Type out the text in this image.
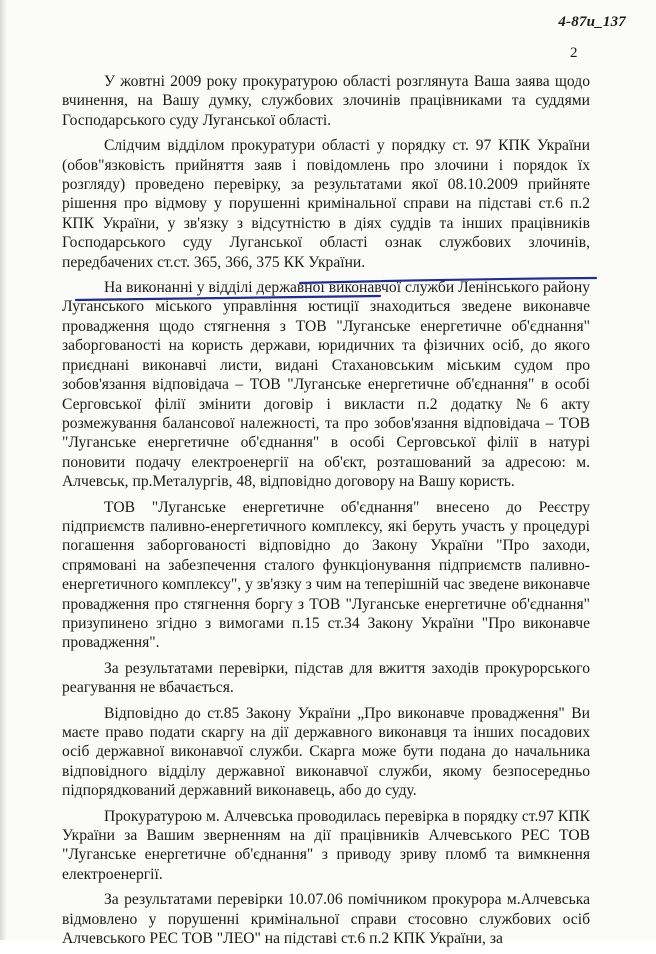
4-87и_137
2

У жовтні 2009 року прокуратурою області розглянута Ваша заява щодо вчинення, на Вашу думку, службових злочинів працівниками та суддями Господарського суду Луганської області.

Слідчим відділом прокуратури області у порядку ст. 97 КПК України (обов"язковість прийняття заяв і повідомлень про злочини і порядок їх розгляду) проведено перевірку, за результатами якої 08.10.2009 прийняте рішення про відмову у порушенні кримінальної справи на підставі ст.6 п.2 КПК України, у зв'язку з відсутністю в діях суддів та інших працівників Господарського суду Луганської області ознак службових злочинів, передбачених ст.ст. 365, 366, 375 КК України.

На виконанні у відділі державної виконавчої служби Ленінського району Луганського міського управління юстиції знаходиться зведене виконавче провадження щодо стягнення з ТОВ "Луганське енергетичне об'єднання" заборгованості на користь держави, юридичних та фізичних осіб, до якого приєднані виконавчі листи, видані Стахановським міським судом про зобов'язання відповідача – ТОВ "Луганське енергетичне об'єднання" в особі Серговської філії змінити договір і викласти п.2 додатку №6 акту розмежування балансової належності, та про зобов'язання відповідача – ТОВ "Луганське енергетичне об'єднання" в особі Серговської філії в натурі поновити подачу електроенергії на об'єкт, розташований за адресою: м. Алчевськ, пр.Металургів, 48, відповідно договору на Вашу користь.

ТОВ "Луганське енергетичне об'єднання" внесено до Реєстру підприємств паливно-енергетичного комплексу, які беруть участь у процедурі погашення заборгованості відповідно до Закону України "Про заходи, спрямовані на забезпечення сталого функціонування підприємств паливно-енергетичного комплексу", у зв'язку з чим на теперішній час зведене виконавче провадження про стягнення боргу з ТОВ "Луганське енергетичне об'єднання" призупинено згідно з вимогами п.15 ст.34 Закону України "Про виконавче провадження".

За результатами перевірки, підстав для вжиття заходів прокурорського реагування не вбачається.

Відповідно до ст.85 Закону України „Про виконавче провадження" Ви маєте право подати скаргу на дії державного виконавця та інших посадових осіб державної виконавчої служби. Скарга може бути подана до начальника відповідного відділу державної виконавчої служби, якому безпосередньо підпорядкований державний виконавець, або до суду.

Прокуратурою м. Алчевська проводилась перевірка в порядку ст.97 КПК України за Вашим зверненням на дії працівників Алчевського РЕС ТОВ "Луганське енергетичне об'єднання" з приводу зриву пломб та вимкнення електроенергії.

За результатами перевірки 10.07.06 помічником прокурора м.Алчевська відмовлено у порушенні кримінальної справи стосовно службових осіб Алчевського РЕС ТОВ "ЛЕО" на підставі ст.6 п.2 КПК України, за
